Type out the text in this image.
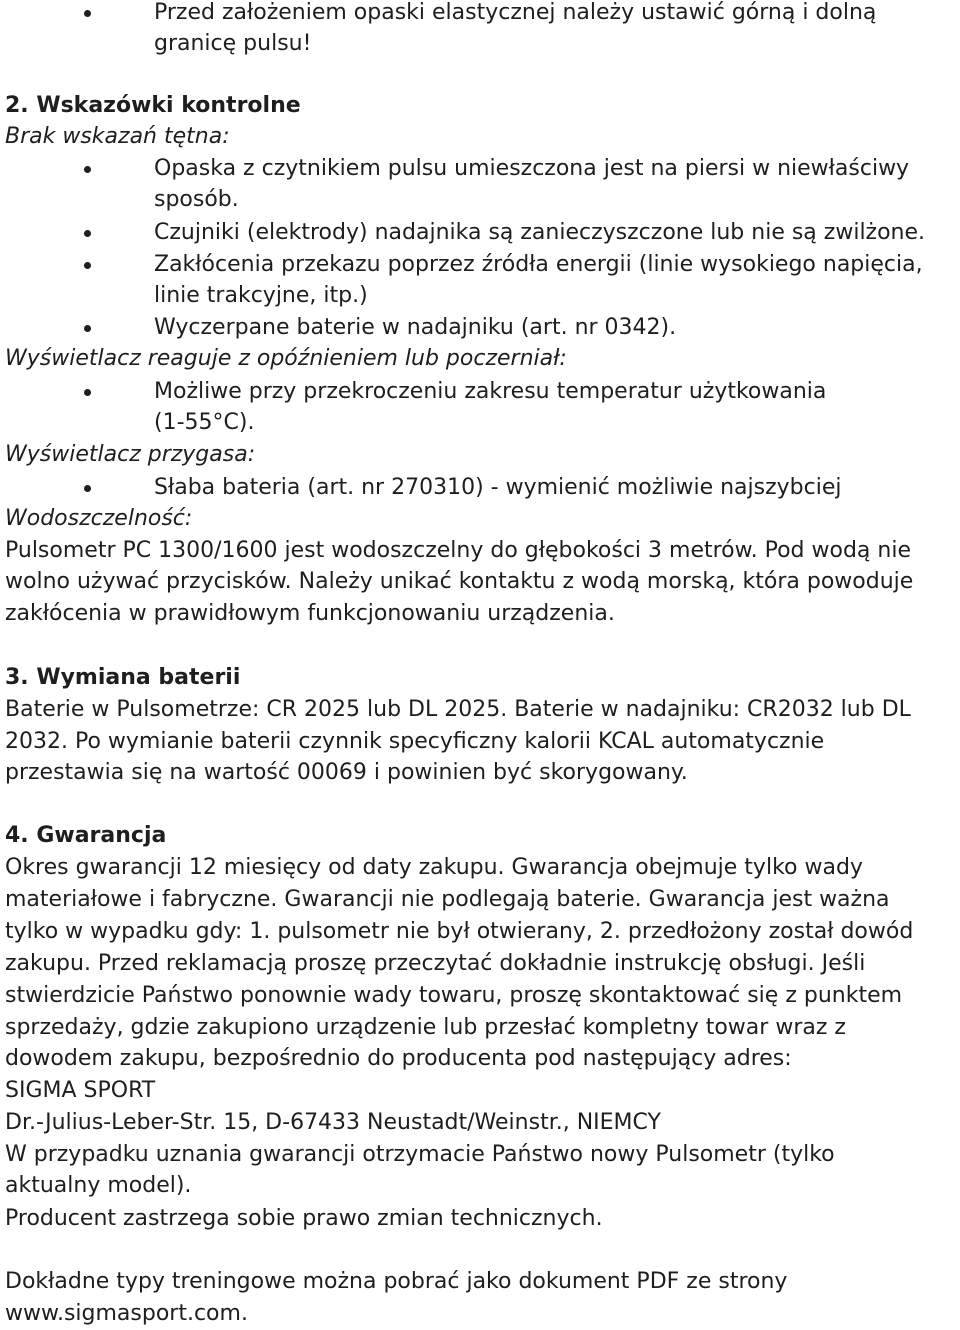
Przed założeniem opaski elastycznej należy ustawić górną i dolną

granicę pulsu!

2. Wskazówki kontrolne

Brak wskazań tętna:

Opaska z czytnikiem pulsu umieszczona jest na piersi w niewłaściwy

sposób.

Czujniki (elektrody) nadajnika są zanieczyszczone lub nie są zwilżone.

Zakłócenia przekazu poprzez źródła energii (linie wysokiego napięcia,

linie trakcyjne, itp.)

Wyczerpane baterie w nadajniku (art. nr 0342).

Wyświetlacz reaguje z opóźnieniem lub poczerniał:

Możliwe przy przekroczeniu zakresu temperatur użytkowania

(1-55°C).

Wyświetlacz przygasa:

Słaba bateria (art. nr 270310) - wymienić możliwie najszybciej

Wodoszczelność:

Pulsometr PC 1300/1600 jest wodoszczelny do głębokości 3 metrów. Pod wodą nie

wolno używać przycisków. Należy unikać kontaktu z wodą morską, która powoduje

zakłócenia w prawidłowym funkcjonowaniu urządzenia.

3. Wymiana baterii

Baterie w Pulsometrze: CR 2025 lub DL 2025. Baterie w nadajniku: CR2032 lub DL

2032. Po wymianie baterii czynnik specyficzny kalorii KCAL automatycznie

przestawia się na wartość 00069 i powinien być skorygowany.

4. Gwarancja

Okres gwarancji 12 miesięcy od daty zakupu. Gwarancja obejmuje tylko wady

materiałowe i fabryczne. Gwarancji nie podlegają baterie. Gwarancja jest ważna

tylko w wypadku gdy: 1. pulsometr nie był otwierany, 2. przedłożony został dowód

zakupu. Przed reklamacją proszę przeczytać dokładnie instrukcję obsługi. Jeśli

stwierdzicie Państwo ponownie wady towaru, proszę skontaktować się z punktem

sprzedaży, gdzie zakupiono urządzenie lub przesłać kompletny towar wraz z

dowodem zakupu, bezpośrednio do producenta pod następujący adres:

SIGMA SPORT

Dr.-Julius-Leber-Str. 15, D-67433 Neustadt/Weinstr., NIEMCY

W przypadku uznania gwarancji otrzymacie Państwo nowy Pulsometr (tylko

aktualny model).

Producent zastrzega sobie prawo zmian technicznych.

Dokładne typy treningowe można pobrać jako dokument PDF ze strony

www.sigmasport.com.
